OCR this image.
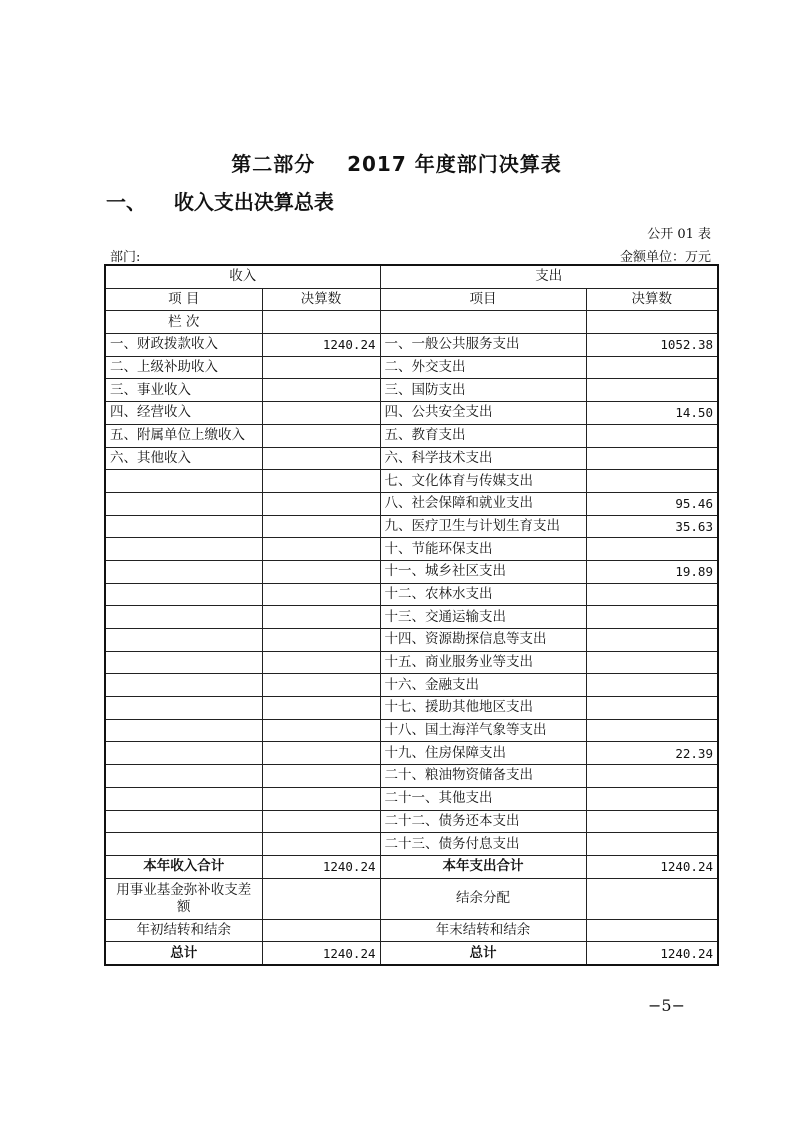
第二部分    2017 年度部门决算表
一、    收入支出决算总表
公开 01 表
部门:	金额单位：万元
收入		支出	
项 目	决算数	项目	决算数
栏 次			
一、财政拨款收入	1240.24	一、一般公共服务支出	1052.38
二、上级补助收入		二、外交支出	
三、事业收入		三、国防支出	
四、经营收入		四、公共安全支出	14.50
五、附属单位上缴收入		五、教育支出	
六、其他收入		六、科学技术支出	
		七、文化体育与传媒支出	
		八、社会保障和就业支出	95.46
		九、医疗卫生与计划生育支出	35.63
		十、节能环保支出	
		十一、城乡社区支出	19.89
		十二、农林水支出	
		十三、交通运输支出	
		十四、资源勘探信息等支出	
		十五、商业服务业等支出	
		十六、金融支出	
		十七、援助其他地区支出	
		十八、国土海洋气象等支出	
		十九、住房保障支出	22.39
		二十、粮油物资储备支出	
		二十一、其他支出	
		二十二、债务还本支出	
		二十三、债务付息支出	
本年收入合计	1240.24	本年支出合计	1240.24
用事业基金弥补收支差额		结余分配	
年初结转和结余		年末结转和结余	
总计	1240.24	总计	1240.24
−5−
